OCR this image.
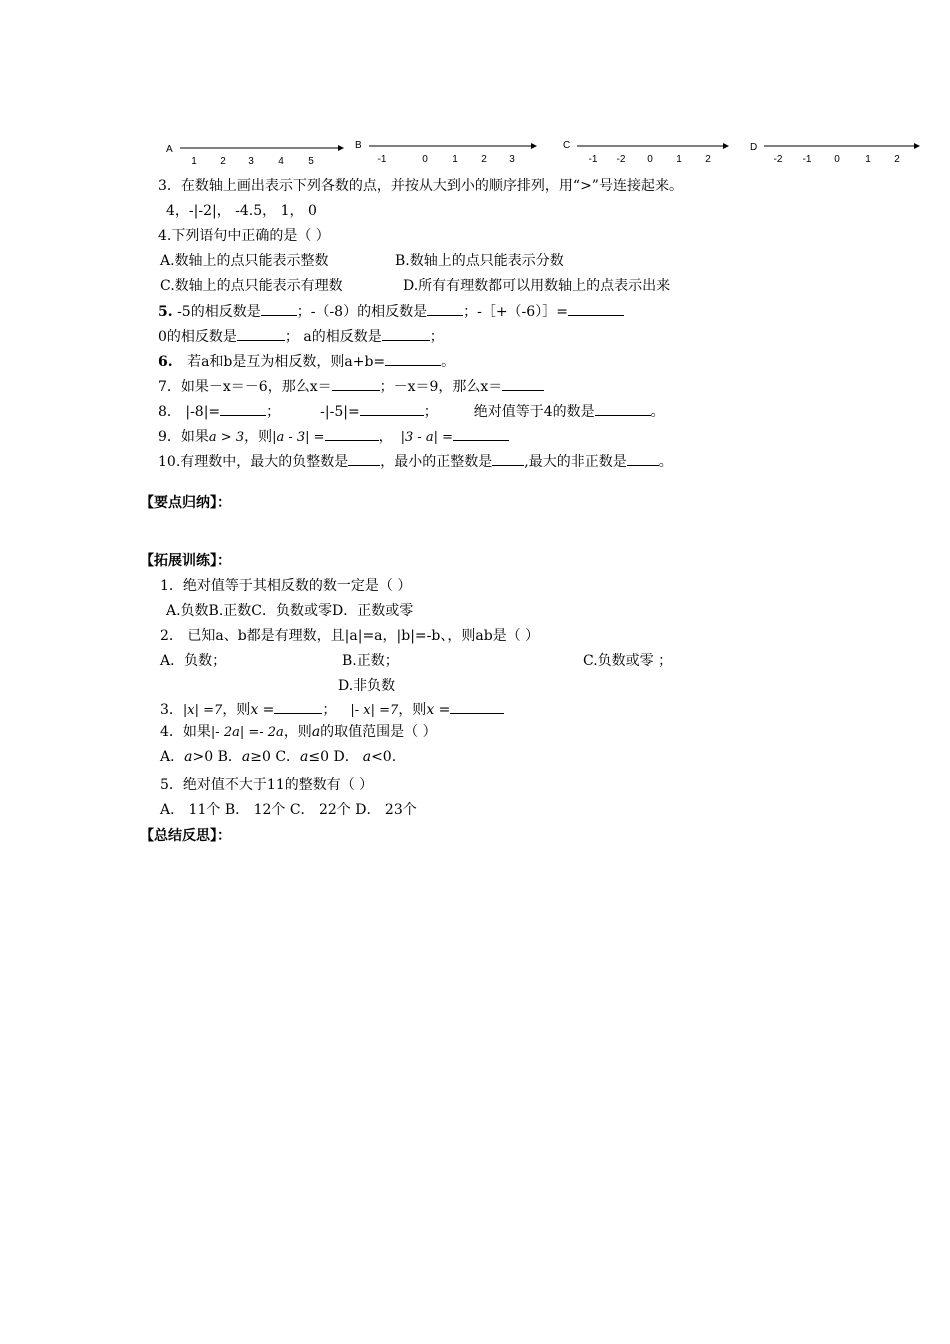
A
1 2 3 4 5
B
-1	0 1 2 3
C
-1 -2 0 1 2
D
-2 -1 0	1 2
3．在数轴上画出表示下列各数的点，并按从大到小的顺序排列，用“>”号连接起来。
4，-|-2|， -4.5， 1， 0
4.下列语句中正确的是（ ）
A.数轴上的点只能表示整数	B.数轴上的点只能表示分数
C.数轴上的点只能表示有理数	D.所有有理数都可以用数轴上的点表示出来
5. -5的相反数是	；-（-8）的相反数是	；-［+（-6）］=
0的相反数是	； a的相反数是	；
6. 若a和b是互为相反数，则a+b=	。
7．如果－x＝－6，那么x＝	；－x＝9，那么x＝
8． |-8|=	；	-|-5|=	；	绝对值等于4的数是	。
9．如果a > 3，则|a - 3| =	， |3 - a| =
10.有理数中，最大的负整数是 ，最小的正整数是 ,最大的非正数是 。
【要点归纳】：
【拓展训练】：
1．绝对值等于其相反数的数一定是（ ）
A.负数B.正数C．负数或零D．正数或零
2． 已知a、b都是有理数，且|a|=a，|b|=-b、，则ab是（ ）
A．负数；	B.正数；	C.负数或零 ；
D.非负数
3．|x| =7，则x =	； |- x| =7，则x =
4．如果|- 2a| =- 2a，则a的取值范围是（ ）
A．a>0 B．a≥0 C．a≤0 D． a<0.
5．绝对值不大于11的整数有（ ）
A． 11个 B． 12个 C． 22个 D． 23个
【总结反思】：
